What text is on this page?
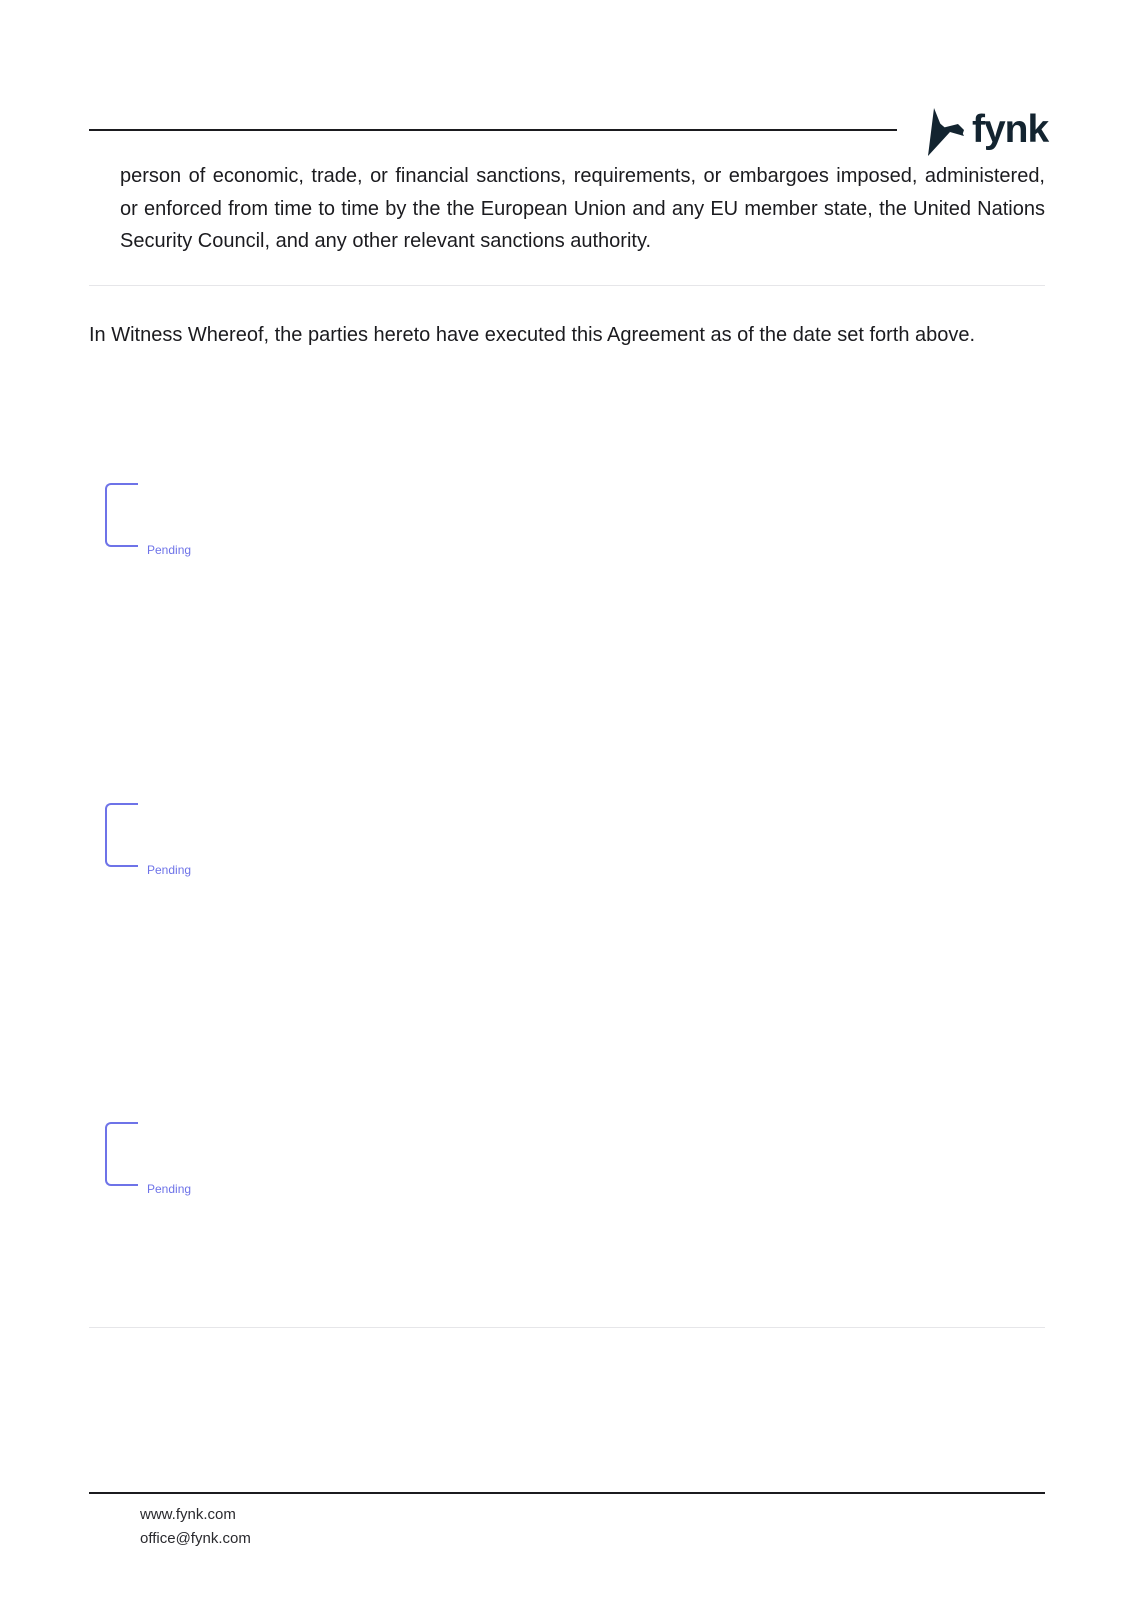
fynk
person of economic, trade, or financial sanctions, requirements, or embargoes imposed, administered, or enforced from time to time by the the European Union and any EU member state, the United Nations Security Council, and any other relevant sanctions authority.
In Witness Whereof, the parties hereto have executed this Agreement as of the date set forth above.
Pending
Pending
Pending
www.fynk.com
office@fynk.com
